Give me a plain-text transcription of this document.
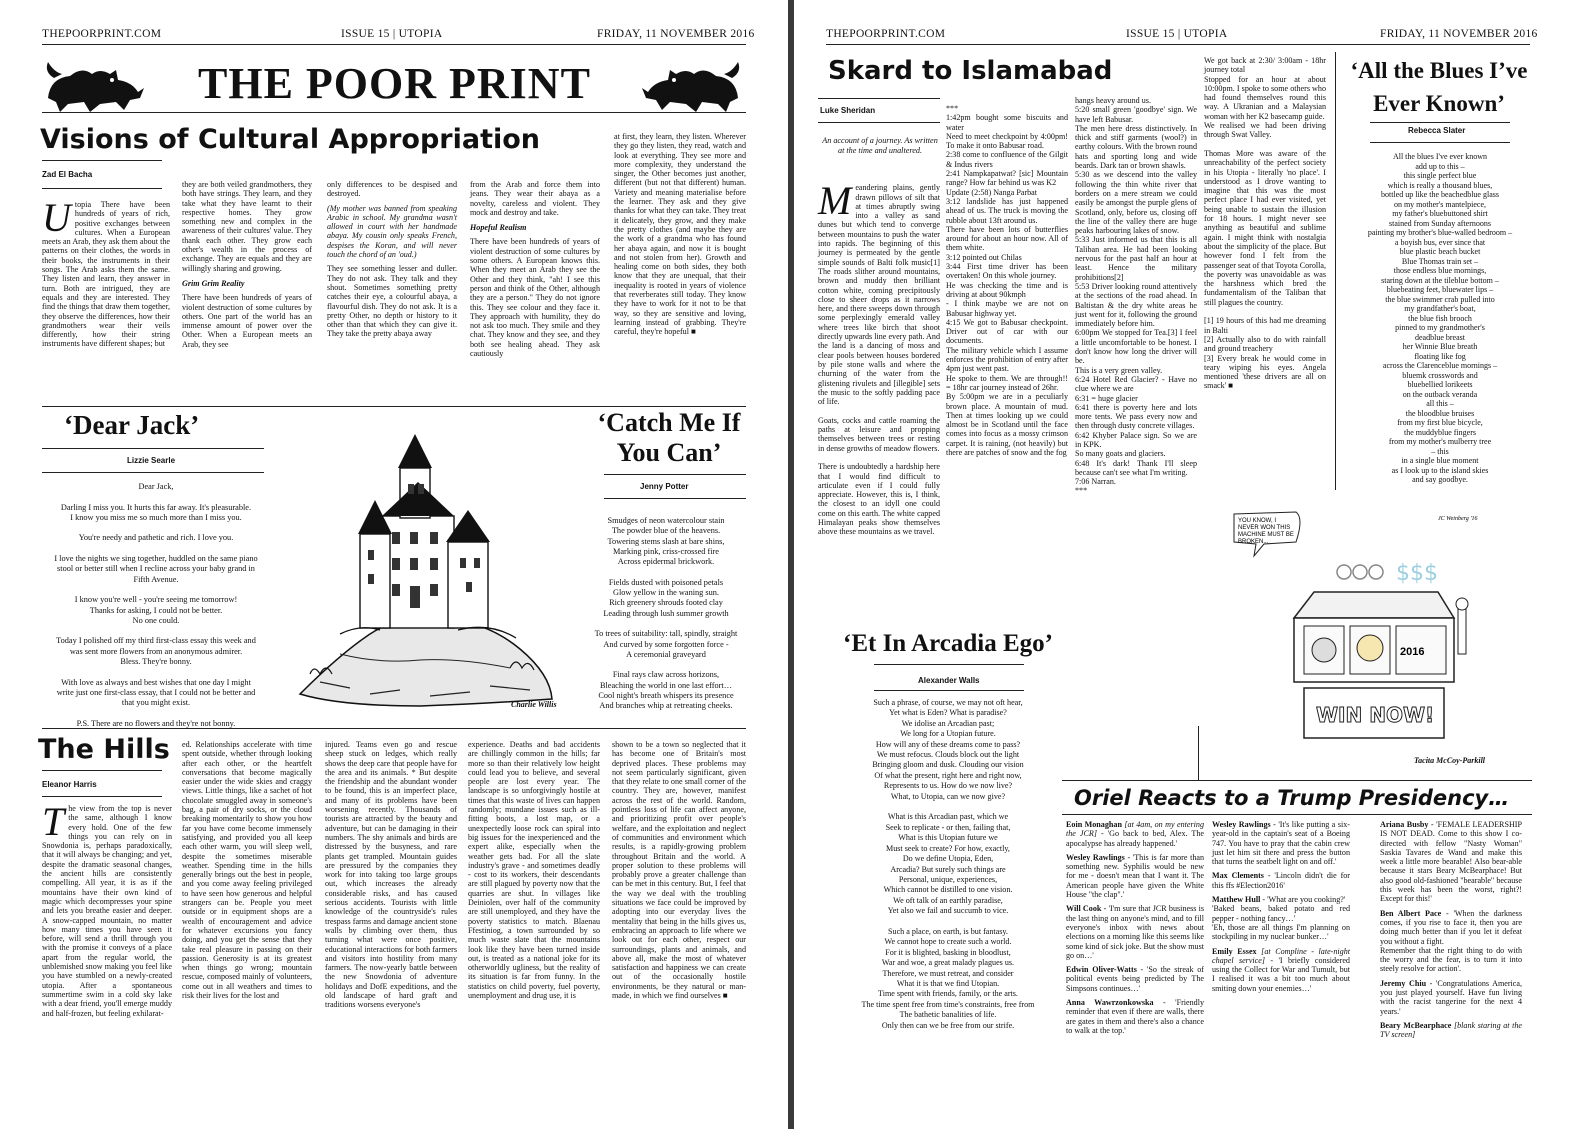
THEPOORPRINT.COM	ISSUE 15 | UTOPIA	FRIDAY, 11 NOVEMBER 2016
THE POOR PRINT
Visions of Cultural Appropriation
Zad El Bacha
Utopia There have been hundreds of years of rich, positive exchanges between cultures. When a European meets an Arab, they ask them about the patterns on their clothes, the words in their books, the instruments in their songs. The Arab asks them the same. They listen and learn, they answer in turn. Both are intrigued, they are equals and they are interested. They find the things that draw them together, they observe the differences, how their grandmothers wear their veils differently, how their string instruments have different shapes; but

they are both veiled grandmothers, they both have strings. They learn, and they take what they have learnt to their respective homes. They grow something new and complex in the awareness of their cultures' value. They thank each other. They grow each other's wealth in the process of exchange. They are equals and they are willingly sharing and growing.

Grim Grim Reality

There have been hundreds of years of violent destruction of some cultures by others. One part of the world has an immense amount of power over the Other. When a European meets an Arab, they see

only differences to be despised and destroyed.

(My mother was banned from speaking Arabic in school. My grandma wasn't allowed in court with her handmade abaya. My cousin only speaks French, despises the Koran, and will never touch the chord of an 'oud.)

They see something lesser and duller. They do not ask. They talk and they shout. Sometimes something pretty catches their eye, a colourful abaya, a flavourful dish. They do not ask. It is a pretty Other, no depth or history to it other than that which they can give it. They take the pretty abaya away

from the Arab and force them into jeans. They wear their abaya as a novelty, careless and violent. They mock and destroy and take.

Hopeful Realism

There have been hundreds of years of violent destruction of some cultures by some others. A European knows this. When they meet an Arab they see the Other and they think, "ah! I see this person and think of the Other, although they are a person." They do not ignore this. They see colour and they face it. They approach with humility, they do not ask too much. They smile and they chat. They know and they see, and they both see healing ahead. They ask cautiously

at first, they learn, they listen. Wherever they go they listen, they read, watch and look at everything. They see more and more complexity, they understand the singer, the Other becomes just another, different (but not that different) human. Variety and meaning materialise before the learner. They ask and they give thanks for what they can take. They treat it delicately, they grow, and they make the pretty clothes (and maybe they are the work of a grandma who has found her abaya again, and now it is bought and not stolen from her). Growth and healing come on both sides, they both know that they are unequal, that their inequality is rooted in years of violence that reverberates still today. They know they have to work for it not to be that way, so they are sensitive and loving, learning instead of grabbing. They're careful, they're hopeful ■

‘Dear Jack’
Lizzie Searle
Dear Jack,

Darling I miss you. It hurts this far away. It's pleasurable.
I know you miss me so much more than I miss you.

You're needy and pathetic and rich. I love you.

I love the nights we sing together, huddled on the same piano
stool or better still when I recline across your baby grand in
Fifth Avenue.

I know you're well - you're seeing me tomorrow!
Thanks for asking, I could not be better.
No one could.

Today I polished off my third first-class essay this week and
was sent more flowers from an anonymous admirer.
Bless. They're bonny.

With love as always and best wishes that one day I might
write just one first-class essay, that I could not be better and
that you might exist.

P.S. There are no flowers and they're not bonny.
Charlie Willis
‘Catch Me If You Can’
Jenny Potter
Smudges of neon watercolour stain
The powder blue of the heavens.
Towering stems slash at bare shins,
Marking pink, criss-crossed fire
Across epidermal brickwork.

Fields dusted with poisoned petals
Glow yellow in the waning sun.
Rich greenery shrouds footed clay
Leading through lush summer growth

To trees of suitability: tall, spindly, straight
And curved by some forgotten force -
A ceremonial graveyard

Final rays claw across horizons,
Bleaching the world in one last effort…
Cool night's breath whispers its presence
And branches whip at retreating cheeks.
The Hills
Eleanor Harris
The view from the top is never the same, although I know every hold. One of the few things you can rely on in Snowdonia is, perhaps paradoxically, that it will always be changing; and yet, despite the dramatic seasonal changes, the ancient hills are consistently compelling. All year, it is as if the mountains have their own kind of magic which decompresses your spine and lets you breathe easier and deeper. A snow-capped mountain, no matter how many times you have seen it before, will send a thrill through you with the promise it conveys of a place apart from the regular world, the unblemished snow making you feel like you have stumbled on a newly-created utopia. After a spontaneous summertime swim in a cold sky lake with a dear friend, you'll emerge muddy and half-frozen, but feeling exhilarat-

ed. Relationships accelerate with time spent outside, whether through looking after each other, or the heartfelt conversations that become magically easier under the wide skies and craggy views. Little things, like a sachet of hot chocolate smuggled away in someone's bag, a pair of dry socks, or the cloud breaking momentarily to show you how far you have come become immensely satisfying, and provided you all keep each other warm, you will sleep well, despite the sometimes miserable weather. Spending time in the hills generally brings out the best in people, and you come away feeling privileged to have seen how generous and helpful strangers can be. People you meet outside or in equipment shops are a wealth of encouragement and advice for whatever excursions you fancy doing, and you get the sense that they take real pleasure in passing on their passion. Generosity is at its greatest when things go wrong; mountain rescue, composed mainly of volunteers, come out in all weathers and times to risk their lives for the lost and

injured. Teams even go and rescue sheep stuck on ledges, which really shows the deep care that people have for the area and its animals. * But despite the friendship and the abundant wonder to be found, this is an imperfect place, and many of its problems have been worsening recently. Thousands of tourists are attracted by the beauty and adventure, but can be damaging in their numbers. The shy animals and birds are distressed by the busyness, and rare plants get trampled. Mountain guides are pressured by the companies they work for into taking too large groups out, which increases the already considerable risks, and has caused serious accidents. Tourists with little knowledge of the countryside's rules trespass farms and damage ancient stone walls by climbing over them, thus turning what were once positive, educational interactions for both farmers and visitors into hostility from many farmers. The now-yearly battle between the new Snowdonia of adventure holidays and DofE expeditions, and the old landscape of hard graft and traditions worsens everyone's

experience. Deaths and bad accidents are chillingly common in the hills; far more so than their relatively low height could lead you to believe, and several people are lost every year. The landscape is so unforgivingly hostile at times that this waste of lives can happen randomly; mundane issues such as ill-fitting boots, a lost map, or a unexpectedly loose rock can spiral into big issues for the inexperienced and the expert alike, especially when the weather gets bad. For all the slate industry's grave - and sometimes deadly - cost to its workers, their descendants are still plagued by poverty now that the quarries are shut. In villages like Deiniolen, over half of the community are still unemployed, and they have the poverty statistics to match. Blaenau Ffestiniog, a town surrounded by so much waste slate that the mountains look like they have been turned inside out, is treated as a national joke for its otherworldly ugliness, but the reality of its situation is far from funny. In the statistics on child poverty, fuel poverty, unemployment and drug use, it is

shown to be a town so neglected that it has become one of Britain's most deprived places. These problems may not seem particularly significant, given that they relate to one small corner of the country. They are, however, manifest across the rest of the world. Random, pointless loss of life can affect anyone, and prioritizing profit over people's welfare, and the exploitation and neglect of communities and environment which results, is a rapidly-growing problem throughout Britain and the world. A proper solution to these problems will probably prove a greater challenge than can be met in this century. But, I feel that the way we deal with the troubling situations we face could be improved by adopting into our everyday lives the mentality that being in the hills gives us, embracing an approach to life where we look out for each other, respect our surroundings, plants and animals, and above all, make the most of whatever satisfaction and happiness we can create out of the occasionally hostile environments, be they natural or man-made, in which we find ourselves ■

THEPOORPRINT.COM	ISSUE 15 | UTOPIA	FRIDAY, 11 NOVEMBER 2016
Skard to Islamabad
Luke Sheridan
An account of a journey. As written at the time and unaltered.

Meandering plains, gently drawn pillows of silt that at times abruptly swing into a valley as sand dunes but which tend to converge between mountains to push the water into rapids. The beginning of this journey is permeated by the gentle simple sounds of Balti folk music[1] The roads slither around mountains, brown and muddy then brilliant cotton white, coming precipitously close to sheer drops as it narrows here, and there sweeps down through some perplexingly emerald valley where trees like birch that shoot directly upwards line every path. And the land is a dancing of moss and clear pools between houses bordered by pile stone walls and where the churning of the water from the glistening rivulets and [illegible] sets the music to the softly padding pace of life.

Goats, cocks and cattle roaming the paths at leisure and propping themselves between trees or resting in dense growths of meadow flowers.

There is undoubtedly a hardship here that I would find difficult to articulate even if I could fully appreciate. However, this is, I think, the closest to an idyll one could come on this earth. The white capped Himalayan peaks show themselves above these mountains as we travel.

***
1:42pm bought some biscuits and water
Need to meet checkpoint by 4:00pm! To make it onto Babusar road.
2:38 come to confluence of the Gilgit & Indus rivers
2:41 Nampkapatwat? [sic] Mountain range? How far behind us was K2
Update (2:58) Nanga Parbat
3:12 landslide has just happened ahead of us. The truck is moving the rubble about 13ft around us.
There have been lots of butterflies around for about an hour now. All of them white.
3:12 pointed out Chilas
3:44 First time driver has been overtaken! On this whole journey.
He was checking the time and is driving at about 90kmph
- I think maybe we are not on Babusar highway yet.
4:15 We got to Babusar checkpoint. Driver out of car with our documents.
The military vehicle which I assume enforces the prohibition of entry after 4pm just went past.
He spoke to them. We are through!! = 18hr car journey instead of 26hr.
By 5:00pm we are in a peculiarly brown place. A mountain of mud. Then at times looking up we could almost be in Scotland until the face comes into focus as a mossy crimson carpet. It is raining, (not heavily) but there are patches of snow and the fog
hangs heavy around us.
5:20 small green 'goodbye' sign. We have left Babusar.
The men here dress distinctively. In thick and stiff garments (wool?) in earthy colours. With the brown round hats and sporting long and wide beards. Dark tan or brown shawls.
5:30 as we descend into the valley following the thin white river that borders on a mere stream we could easily be amongst the purple glens of Scotland, only, before us, closing off the line of the valley there are huge peaks harbouring lakes of snow.
5:33 Just informed us that this is all Taliban area. He had been looking nervous for the past half an hour at least. Hence the military prohibitions[2]
5:53 Driver looking round attentively at the sections of the road ahead. In Baltistan & the dry white areas he just went for it, following the ground immediately before him.
6:00pm We stopped for Tea.[3] I feel a little uncomfortable to be honest. I don't know how long the driver will be.
This is a very green valley.
6:24 Hotel Red Glacier? - Have no clue where we are
6:31 = huge glacier
6:41 there is poverty here and lots more tents. We pass every now and then through dusty concrete villages.
6:42 Khyber Palace sign. So we are in KPK.
So many goats and glaciers.
6:48 It's dark! Thank I'll sleep because can't see what I'm writing.
7:06 Narran.
***
We got back at 2:30/ 3:00am - 18hr journey total
Stopped for an hour at about 10:00pm. I spoke to some others who had found themselves round this way. A Ukranian and a Malaysian woman with her K2 basecamp guide.
We realised we had been driving through Swat Valley.

Thomas More was aware of the unreachability of the perfect society in his Utopia - literally 'no place'. I understood as I drove wanting to imagine that this was the most perfect place I had ever visited, yet being unable to sustain the illusion for 18 hours. I might never see anything as beautiful and sublime again. I might think with nostalgia about the simplicity of the place. But however fond I felt from the passenger seat of that Toyota Corolla, the poverty was unavoidable as was the harshness which bred the fundamentalism of the Taliban that still plagues the country.

[1] 19 hours of this had me dreaming in Balti
[2] Actually also to do with rainfall and ground treachery
[3] Every break he would come in teary wiping his eyes. Angela mentioned 'these drivers are all on smack' ■
‘All the Blues I’ve Ever Known’
Rebecca Slater
All the blues I've ever known
add up to this –
this single perfect blue
which is really a thousand blues,
bottled up like the beachedblue glass
on my mother's mantelpiece,
my father's bluebuttoned shirt
stained from Sunday afternoons
painting my brother's blue-walled bedroom –
a boyish bus, ever since that
blue plastic beach bucket
Blue Thomas train set –
those endless blue mornings,
staring down at the tileblue bottom –
bluebeating feet, bluewater lips –
the blue swimmer crab pulled into
my grandfather's boat,
the blue fish brooch
pinned to my grandmother's
deadblue breast
her Winnie Blue breath
floating like fog
across the Clarenceblue mornings –
bluemk crosswords and
bluebellied lorikeets
on the outback veranda
all this –
the bloodblue bruises
from my first blue bicycle,
the muddyblue fingers
from my mother's mulberry tree
– this
in a single blue moment
as I look up to the island skies
and say goodbye.
YOU KNOW, I
NEVER WON THIS
MACHINE MUST BE
BROKEN...
JC Weinberg '16
$$$
2016
WIN NOW!
Tacita McCoy-Parkill
‘Et In Arcadia Ego’
Alexander Walls
Such a phrase, of course, we may not oft hear,
Yet what is Eden? What is paradise?
We idolise an Arcadian past;
We long for a Utopian future.
How will any of these dreams come to pass?
We must refocus. Clouds block out the light
Bringing gloom and dusk. Clouding our vision
Of what the present, right here and right now,
Represents to us. How do we now live?
What, to Utopia, can we now give?

What is this Arcadian past, which we
Seek to replicate - or then, failing that,
What is this Utopian future we
Must seek to create? For how, exactly,
Do we define Utopia, Eden,
Arcadia? But surely such things are
Personal, unique, experiences,
Which cannot be distilled to one vision.
We oft talk of an earthly paradise,
Yet also we fail and succumb to vice.

Such a place, on earth, is but fantasy.
We cannot hope to create such a world.
For it is blighted, basking in bloodlust,
War and woe, a great malady plagues us.
Therefore, we must retreat, and consider
What it is that we find Utopian.
Time spent with friends, family, or the arts.
The time spent free from time's constraints, free from
The bathetic banalities of life.
Only then can we be free from our strife.
Oriel Reacts to a Trump Presidency…

Eoin Monaghan [at 4am, on my entering the JCR] - 'Go back to bed, Alex. The apocalypse has already happened.'

Wesley Rawlings - 'This is far more than something new. Syphilis would be new for me - doesn't mean that I want it. The American people have given the White House "the clap".'

Will Cook - 'I'm sure that JCR business is the last thing on anyone's mind, and to fill everyone's inbox with news about elections on a morning like this seems like some kind of sick joke. But the show must go on…'

Edwin Oliver-Watts - 'So the streak of political events being predicted by The Simpsons continues…'

Anna Wawrzonkowska - 'Friendly reminder that even if there are walls, there are gates in them and there's also a chance to walk at the top.'

Wesley Rawlings - 'It's like putting a six-year-old in the captain's seat of a Boeing 747. You have to pray that the cabin crew just let him sit there and press the button that turns the seatbelt light on and off.'

Max Clements - 'Lincoln didn't die for this ffs #Election2016'

Matthew Hull - 'What are you cooking?'
'Baked beans, baked potato and red pepper - nothing fancy…'
'Eh, those are all things I'm planning on stockpiling in my nuclear bunker…'

Emily Essex [at Compline - late-night chapel service] - 'I briefly considered using the Collect for War and Tumult, but I realised it was a bit too much about smiting down your enemies…'

Ariana Busby - 'FEMALE LEADERSHIP IS NOT DEAD. Come to this show I co-directed with fellow "Nasty Woman" Saskia Tavares de Wand and make this week a little more bearable! Also bear-able because it stars Beary McBearphace! But also good old-fashioned "bearable" because this week has been the worst, right?! Except for this!'

Ben Albert Pace - 'When the darkness comes, if you rise to face it, then you are doing much better than if you let it defeat you without a fight.
Remember that the right thing to do with the worry and the fear, is to turn it into steely resolve for action'.

Jeremy Chiu - 'Congratulations America, you just played yourself. Have fun living with the racist tangerine for the next 4 years.'

Beary McBearphace [blank staring at the TV screen]
